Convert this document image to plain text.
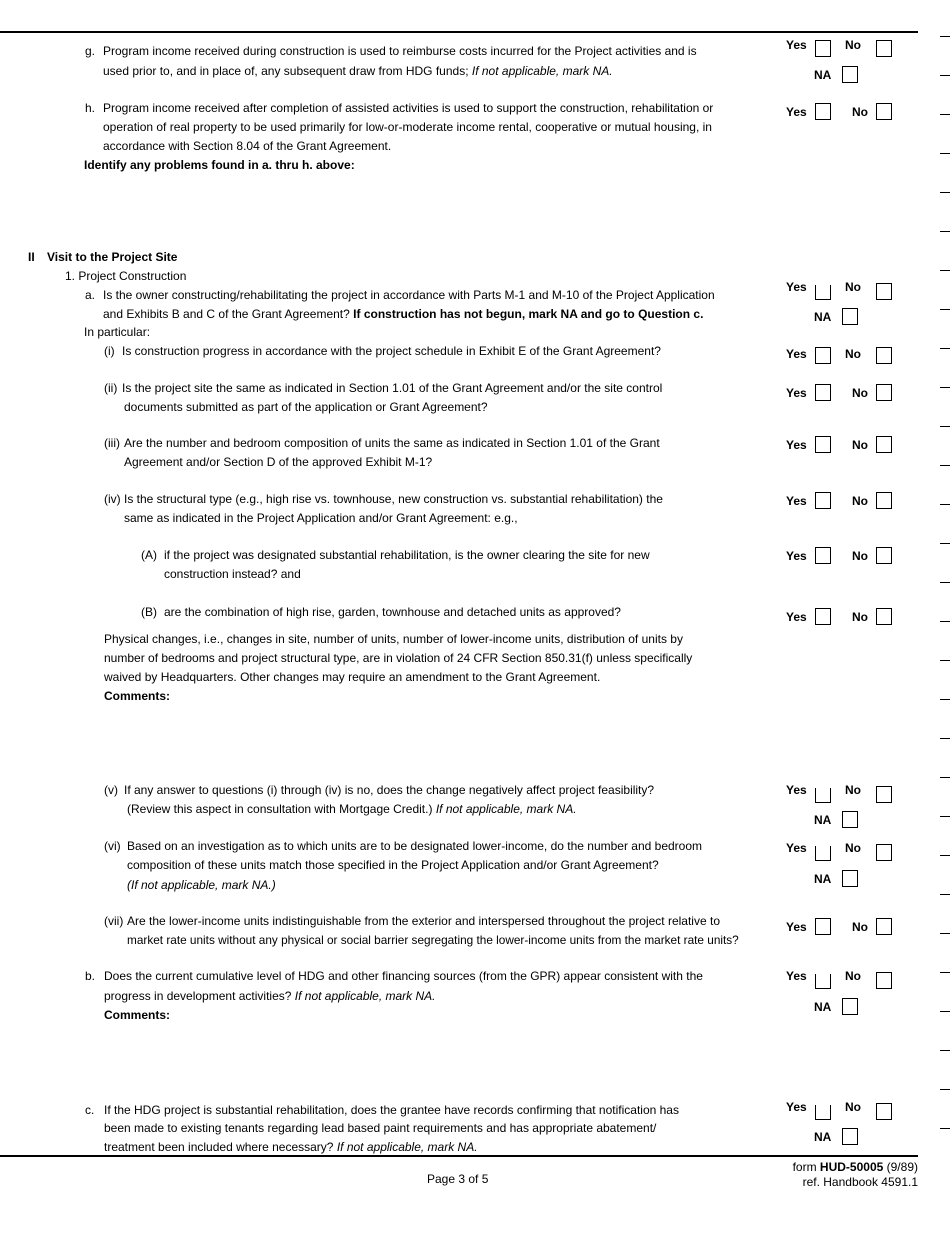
g. Program income received during construction is used to reimburse costs incurred for the Project activities and is
used prior to, and in place of, any subsequent draw from HDG funds; If not applicable, mark NA.
Yes	No
NA
h. Program income received after completion of assisted activities is used to support the construction, rehabilitation or
operation of real property to be used primarily for low-or-moderate income rental, cooperative or mutual housing, in
accordance with Section 8.04 of the Grant Agreement.
Yes	No
Identify any problems found in a. thru h. above:
II Visit to the Project Site
1. Project Construction
a. Is the owner constructing/rehabilitating the project in accordance with Parts M-1 and M-10 of the Project Application
and Exhibits B and C of the Grant Agreement? If construction has not begun, mark NA and go to Question c.
In particular:
Yes	No
NA
(i) Is construction progress in accordance with the project schedule in Exhibit E of the Grant Agreement?	Yes	No
(ii) Is the project site the same as indicated in Section 1.01 of the Grant Agreement and/or the site control
documents submitted as part of the application or Grant Agreement?
Yes	No
(iii) Are the number and bedroom composition of units the same as indicated in Section 1.01 of the Grant
Agreement and/or Section D of the approved Exhibit M-1?
Yes	No
(iv) Is the structural type (e.g., high rise vs. townhouse, new construction vs. substantial rehabilitation) the
same as indicated in the Project Application and/or Grant Agreement: e.g.,
Yes	No
(A) if the project was designated substantial rehabilitation, is the owner clearing the site for new
construction instead? and
Yes	No
(B) are the combination of high rise, garden, townhouse and detached units as approved?	Yes	No
Physical changes, i.e., changes in site, number of units, number of lower-income units, distribution of units by
number of bedrooms and project structural type, are in violation of 24 CFR Section 850.31(f) unless specifically
waived by Headquarters. Other changes may require an amendment to the Grant Agreement.
Comments:
(v) If any answer to questions (i) through (iv) is no, does the change negatively affect project feasibility?
(Review this aspect in consultation with Mortgage Credit.) If not applicable, mark NA.
Yes	No
NA
(vi) Based on an investigation as to which units are to be designated lower-income, do the number and bedroom
composition of these units match those specified in the Project Application and/or Grant Agreement?
(If not applicable, mark NA.)
Yes	No
NA
(vii) Are the lower-income units indistinguishable from the exterior and interspersed throughout the project relative to
market rate units without any physical or social barrier segregating the lower-income units from the market rate units?
Yes	No
b. Does the current cumulative level of HDG and other financing sources (from the GPR) appear consistent with the
progress in development activities? If not applicable, mark NA.
Comments:
Yes	No
NA
c. If the HDG project is substantial rehabilitation, does the grantee have records confirming that notification has
been made to existing tenants regarding lead based paint requirements and has appropriate abatement/
treatment been included where necessary? If not applicable, mark NA.
Yes	No
NA
Page 3 of 5
form HUD-50005 (9/89)
ref. Handbook 4591.1
